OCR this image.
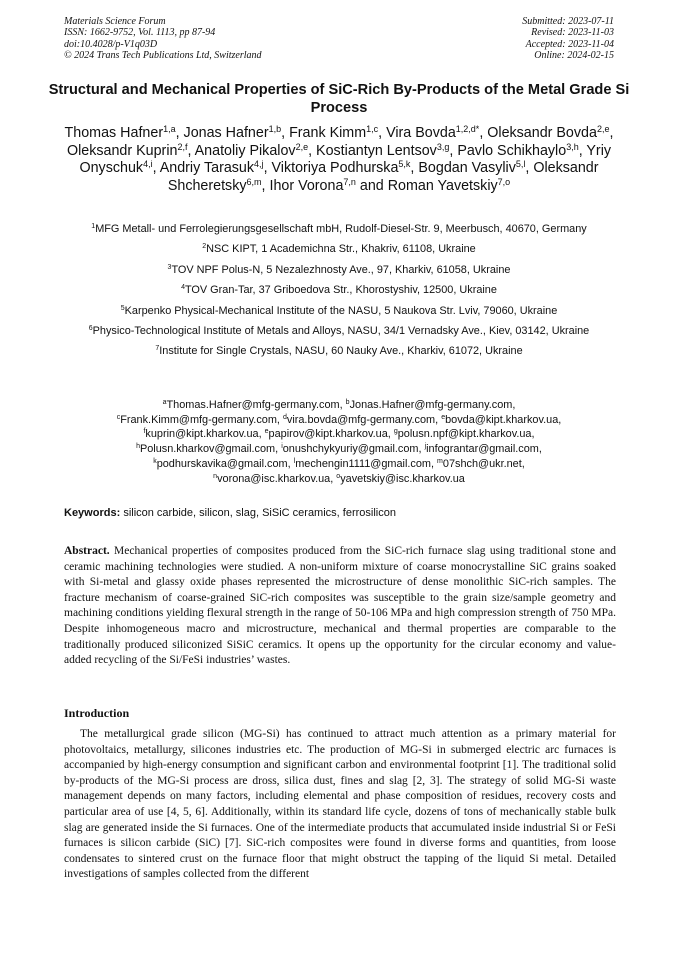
Materials Science Forum
ISSN: 1662-9752, Vol. 1113, pp 87-94
doi:10.4028/p-V1q03D
© 2024 Trans Tech Publications Ltd, Switzerland
Submitted: 2023-07-11
Revised: 2023-11-03
Accepted: 2023-11-04
Online: 2024-02-15
Structural and Mechanical Properties of SiC-Rich By-Products of the Metal Grade Si Process
Thomas Hafner$^{1,a}$, Jonas Hafner$^{1,b}$, Frank Kimm$^{1,c}$, Vira Bovda$^{1,2,d*}$, Oleksandr Bovda$^{2,e}$, Oleksandr Kuprin$^{2,f}$, Anatoliy Pikalov$^{2,e}$, Kostiantyn Lentsov$^{3,g}$, Pavlo Schikhaylo$^{3,h}$, Yriy Onyschuk$^{4,i}$, Andriy Tarasuk$^{4,j}$, Viktoriya Podhurska$^{5,k}$, Bogdan Vasyliv$^{5,l}$, Oleksandr Shcheretsky$^{6,m}$, Ihor Vorona$^{7,n}$ and Roman Yavetskiy$^{7,o}$

$^1$MFG Metall- und Ferrolegierungsgesellschaft mbH, Rudolf-Diesel-Str. 9, Meerbusch, 40670, Germany

$^2$NSC KIPT, 1 Academichna Str., Khakriv, 61108, Ukraine

$^3$TOV NPF Polus-N, 5 Nezalezhnosty Ave., 97, Kharkiv, 61058, Ukraine

$^4$TOV Gran-Tar, 37 Griboedova Str., Khorostyshiv, 12500, Ukraine

$^5$Karpenko Physical-Mechanical Institute of the NASU, 5 Naukova Str. Lviv, 79060, Ukraine

$^6$Physico-Technological Institute of Metals and Alloys, NASU, 34/1 Vernadsky Ave., Kiev, 03142, Ukraine

$^7$Institute for Single Crystals, NASU, 60 Nauky Ave., Kharkiv, 61072, Ukraine

$^a$Thomas.Hafner@mfg-germany.com, $^b$Jonas.Hafner@mfg-germany.com,
$^c$Frank.Kimm@mfg-germany.com, $^d$vira.bovda@mfg-germany.com, $^e$bovda@kipt.kharkov.ua,
$^f$kuprin@kipt.kharkov.ua, $^e$papirov@kipt.kharkov.ua, $^g$polusn.npf@kipt.kharkov.ua,
$^h$Polusn.kharkov@gmail.com, $^i$onushchykyuriy@gmail.com, $^j$infograntar@gmail.com,
$^k$podhurskavika@gmail.com, $^l$mechengin1111@gmail.com, $^m$07shch@ukr.net,
$^n$vorona@isc.kharkov.ua, $^o$yavetskiy@isc.kharkov.ua
Keywords: silicon carbide, silicon, slag, SiSiC ceramics, ferrosilicon
Abstract. Mechanical properties of composites produced from the SiC-rich furnace slag using traditional stone and ceramic machining technologies were studied. A non-uniform mixture of coarse monocrystalline SiC grains soaked with Si-metal and glassy oxide phases represented the microstructure of dense monolithic SiC-rich samples. The fracture mechanism of coarse-grained SiC-rich composites was susceptible to the grain size/sample geometry and machining conditions yielding flexural strength in the range of 50-106 MPa and high compression strength of 750 MPa. Despite inhomogeneous macro and microstructure, mechanical and thermal properties are comparable to the traditionally produced siliconized SiSiC ceramics. It opens up the opportunity for the circular economy and value-added recycling of the Si/FeSi industries’ wastes.
Introduction

The metallurgical grade silicon (MG-Si) has continued to attract much attention as a primary material for photovoltaics, metallurgy, silicones industries etc. The production of MG-Si in submerged electric arc furnaces is accompanied by high-energy consumption and significant carbon and environmental footprint [1]. The traditional solid by-products of the MG-Si process are dross, silica dust, fines and slag [2, 3]. The strategy of solid MG-Si waste management depends on many factors, including elemental and phase composition of residues, recovery costs and particular area of use [4, 5, 6]. Additionally, within its standard life cycle, dozens of tons of mechanically stable bulk slag are generated inside the Si furnaces. One of the intermediate products that accumulated inside industrial Si or FeSi furnaces is silicon carbide (SiC) [7]. SiC-rich composites were found in diverse forms and quantities, from loose condensates to sintered crust on the furnace floor that might obstruct the tapping of the liquid Si metal. Detailed investigations of samples collected from the different
